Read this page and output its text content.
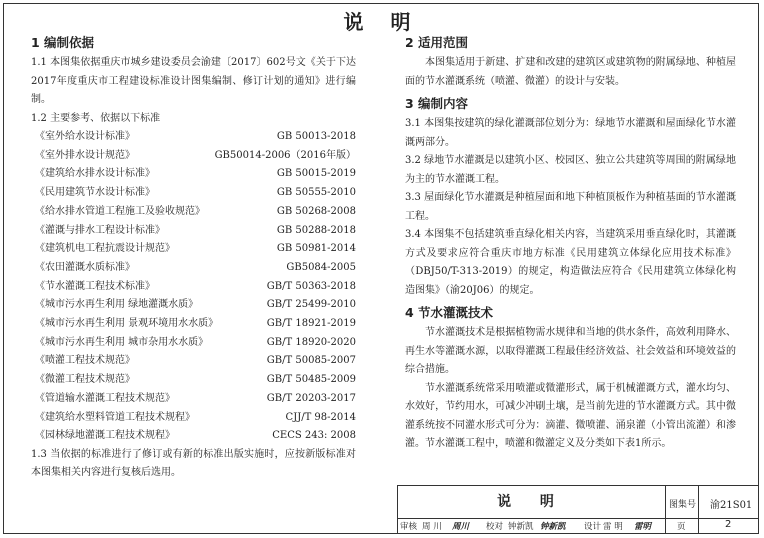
说 明
1 编制依据

1.1 本图集依据重庆市城乡建设委员会渝建〔2017〕602号文《关于下达2017年度重庆市工程建设标准设计图集编制、修订计划的通知》进行编制。

1.2 主要参考、依据以下标准

《室外给水设计标准》	GB 50013-2018
《室外排水设计规范》	GB50014-2006（2016年版）
《建筑给水排水设计标准》	GB 50015-2019
《民用建筑节水设计标准》	GB 50555-2010
《给水排水管道工程施工及验收规范》	GB 50268-2008
《灌溉与排水工程设计标准》	GB 50288-2018
《建筑机电工程抗震设计规范》	GB 50981-2014
《农田灌溉水质标准》	GB5084-2005
《节水灌溉工程技术标准》	GB/T 50363-2018
《城市污水再生利用 绿地灌溉水质》	GB/T 25499-2010
《城市污水再生利用 景观环境用水水质》	GB/T 18921-2019
《城市污水再生利用 城市杂用水水质》	GB/T 18920-2020
《喷灌工程技术规范》	GB/T 50085-2007
《微灌工程技术规范》	GB/T 50485-2009
《管道输水灌溉工程技术规范》	GB/T 20203-2017
《建筑给水塑料管道工程技术规程》	CJJ/T 98-2014
《园林绿地灌溉工程技术规程》	CECS 243: 2008

1.3 当依据的标准进行了修订或有新的标准出版实施时，应按新版标准对本图集相关内容进行复核后选用。

2 适用范围

本图集适用于新建、扩建和改建的建筑区或建筑物的附属绿地、种植屋面的节水灌溉系统（喷灌、微灌）的设计与安装。

3 编制内容

3.1 本图集按建筑的绿化灌溉部位划分为：绿地节水灌溉和屋面绿化节水灌溉两部分。

3.2 绿地节水灌溉是以建筑小区、校园区、独立公共建筑等周围的附属绿地为主的节水灌溉工程。

3.3 屋面绿化节水灌溉是种植屋面和地下种植顶板作为种植基面的节水灌溉工程。

3.4 本图集不包括建筑垂直绿化相关内容，当建筑采用垂直绿化时，其灌溉方式及要求应符合重庆市地方标准《民用建筑立体绿化应用技术标准》（DBJ50/T-313-2019）的规定，构造做法应符合《民用建筑立体绿化构造图集》（渝20J06）的规定。

4 节水灌溉技术

节水灌溉技术是根据植物需水规律和当地的供水条件，高效利用降水、再生水等灌溉水源，以取得灌溉工程最佳经济效益、社会效益和环境效益的综合措施。

节水灌溉系统常采用喷灌或微灌形式，属于机械灌溉方式，灌水均匀、水效好，节约用水，可减少冲刷土壤，是当前先进的节水灌溉方式。其中微灌系统按不同灌水形式可分为：滴灌、微喷灌、涌泉灌（小管出流灌）和渗灌。节水灌溉工程中，喷灌和微灌定义及分类如下表1所示。

说 明	图集号 渝21S01
审核 周 川 周川 校对 钟新凯 钟新凯 设计 雷 明 雷明	页	2
